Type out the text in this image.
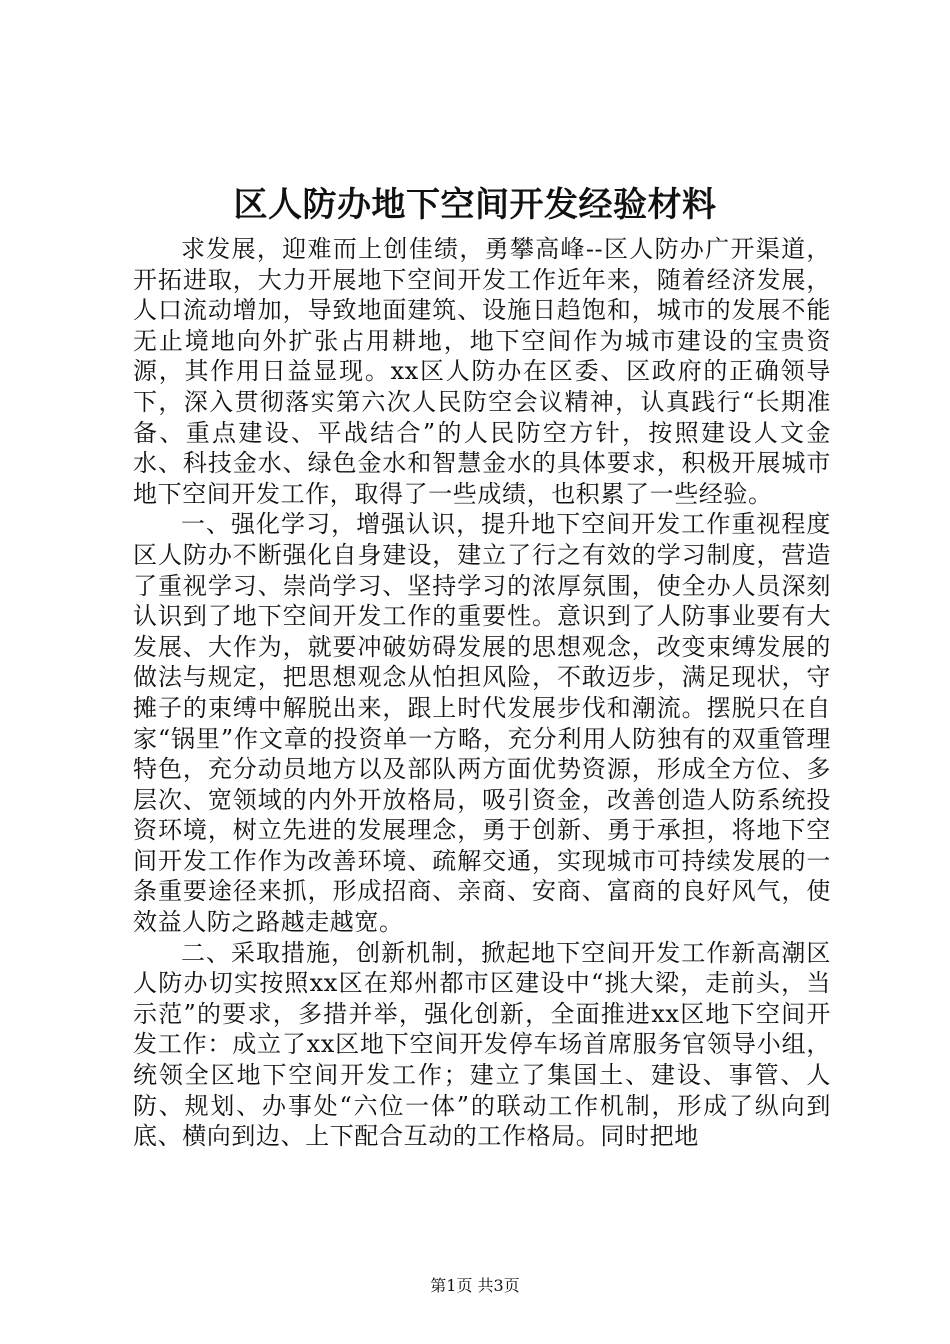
区人防办地下空间开发经验材料

求发展，迎难而上创佳绩，勇攀高峰--区人防办广开渠道，开拓进取，大力开展地下空间开发工作近年来，随着经济发展，人口流动增加，导致地面建筑、设施日趋饱和，城市的发展不能无止境地向外扩张占用耕地，地下空间作为城市建设的宝贵资源，其作用日益显现。xx区人防办在区委、区政府的正确领导下，深入贯彻落实第六次人民防空会议精神，认真践行“长期准备、重点建设、平战结合”的人民防空方针，按照建设人文金水、科技金水、绿色金水和智慧金水的具体要求，积极开展城市地下空间开发工作，取得了一些成绩，也积累了一些经验。

一、强化学习，增强认识，提升地下空间开发工作重视程度区人防办不断强化自身建设，建立了行之有效的学习制度，营造了重视学习、崇尚学习、坚持学习的浓厚氛围，使全办人员深刻认识到了地下空间开发工作的重要性。意识到了人防事业要有大发展、大作为，就要冲破妨碍发展的思想观念，改变束缚发展的做法与规定，把思想观念从怕担风险，不敢迈步，满足现状，守摊子的束缚中解脱出来，跟上时代发展步伐和潮流。摆脱只在自家“锅里”作文章的投资单一方略，充分利用人防独有的双重管理特色，充分动员地方以及部队两方面优势资源，形成全方位、多层次、宽领域的内外开放格局，吸引资金，改善创造人防系统投资环境，树立先进的发展理念，勇于创新、勇于承担，将地下空间开发工作作为改善环境、疏解交通，实现城市可持续发展的一条重要途径来抓，形成招商、亲商、安商、富商的良好风气，使效益人防之路越走越宽。

二、采取措施，创新机制，掀起地下空间开发工作新高潮区人防办切实按照xx区在郑州都市区建设中“挑大梁，走前头，当示范”的要求，多措并举，强化创新，全面推进xx区地下空间开发工作：成立了xx区地下空间开发停车场首席服务官领导小组，统领全区地下空间开发工作；建立了集国土、建设、事管、人防、规划、办事处“六位一体”的联动工作机制，形成了纵向到底、横向到边、上下配合互动的工作格局。同时把地

第1页 共3页
